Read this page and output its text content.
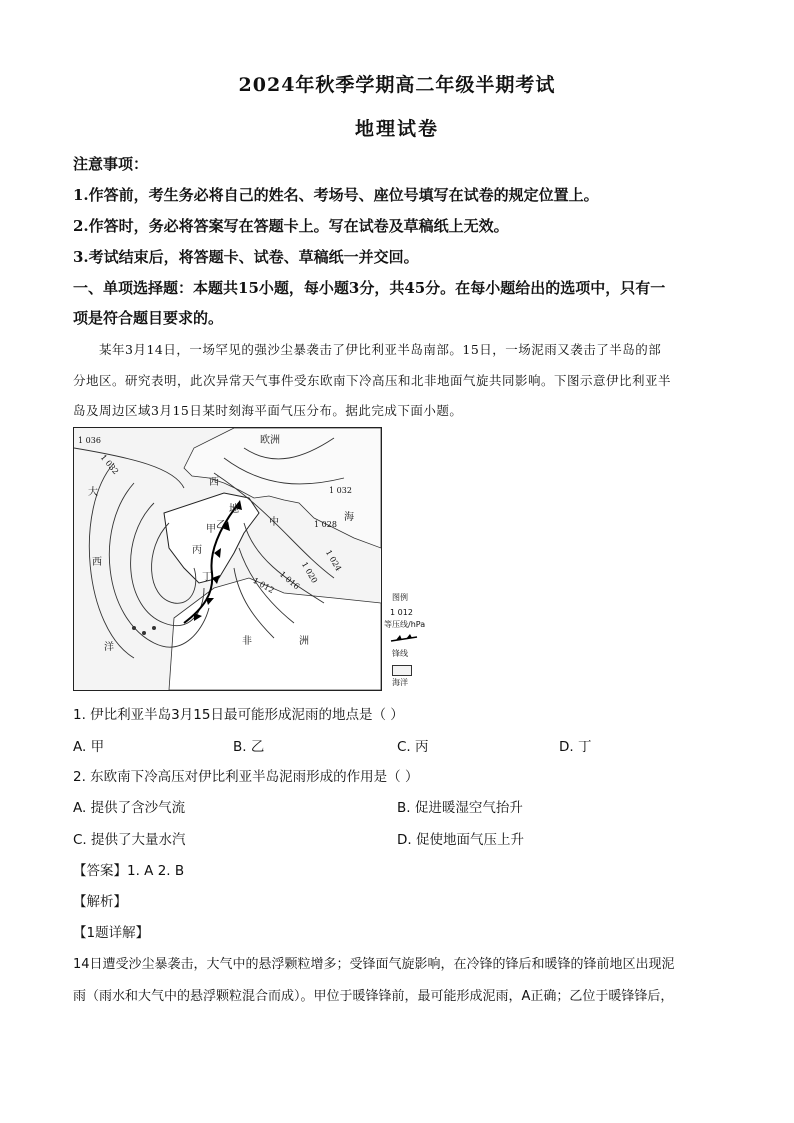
2024年秋季学期高二年级半期考试
地理试卷
注意事项：
1.作答前，考生务必将自己的姓名、考场号、座位号填写在试卷的规定位置上。
2.作答时，务必将答案写在答题卡上。写在试卷及草稿纸上无效。
3.考试结束后，将答题卡、试卷、草稿纸一并交回。
一、单项选择题：本题共15小题，每小题3分，共45分。在每小题给出的选项中，只有一
项是符合题目要求的。
某年3月14日，一场罕见的强沙尘暴袭击了伊比利亚半岛南部。15日，一场泥雨又袭击了半岛的部
分地区。研究表明，此次异常天气事件受东欧南下冷高压和北非地面气旋共同影响。下图示意伊比利亚半
岛及周边区域3月15日某时刻海平面气压分布。据此完成下面小题。
1 036
1 032
1 032
1 028
1 024
1 020
1 016
1 012
欧洲
大
西
洋
西
地
中	海
甲 乙
丙
丁
非	洲
图例
1 012
等压线/hPa
锋线
海洋
1. 伊比利亚半岛3月15日最可能形成泥雨的地点是（ ）
A. 甲	B. 乙	C. 丙	D. 丁
2. 东欧南下冷高压对伊比利亚半岛泥雨形成的作用是（ ）
A. 提供了含沙气流	B. 促进暖湿空气抬升
C. 提供了大量水汽	D. 促使地面气压上升
【答案】1. A 2. B
【解析】
【1题详解】
14日遭受沙尘暴袭击，大气中的悬浮颗粒增多；受锋面气旋影响，在冷锋的锋后和暖锋的锋前地区出现泥
雨（雨水和大气中的悬浮颗粒混合而成）。甲位于暖锋锋前，最可能形成泥雨，A正确；乙位于暖锋锋后，
